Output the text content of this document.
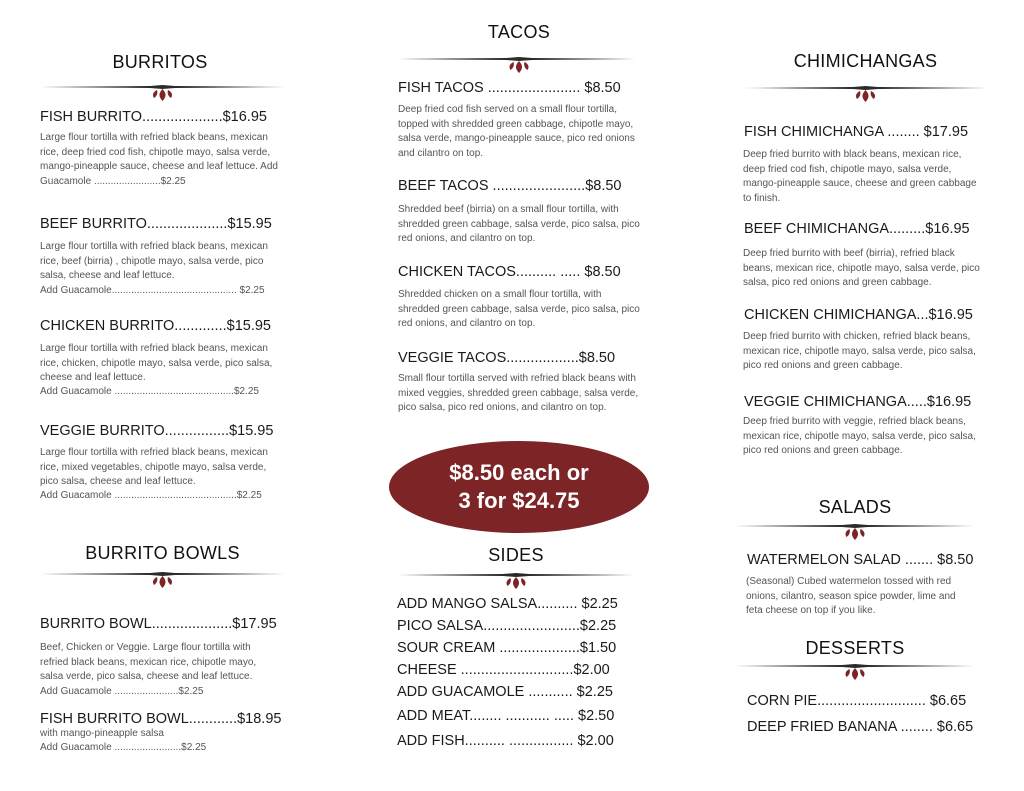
BURRITOS
FISH BURRITO....................$16.95
Large flour tortilla with refried black beans, mexican rice, deep fried cod fish, chipotle mayo, salsa verde, mango-pineapple sauce, cheese and leaf lettuce. Add Guacamole ........................$2.25
BEEF BURRITO....................$15.95
Large flour tortilla with refried black beans, mexican rice, beef (birria) , chipotle mayo, salsa verde, pico salsa, cheese and leaf lettuce.
Add Guacamole............................................. $2.25
CHICKEN BURRITO.............$15.95
Large flour tortilla with refried black beans, mexican rice, chicken, chipotle mayo, salsa verde, pico salsa, cheese and leaf lettuce.
Add Guacamole ...........................................$2.25
VEGGIE BURRITO................$15.95
Large flour tortilla with refried black beans, mexican rice, mixed vegetables, chipotle mayo, salsa verde, pico salsa, cheese and leaf lettuce.
Add Guacamole ............................................$2.25
BURRITO BOWLS
BURRITO BOWL....................$17.95
Beef, Chicken or Veggie. Large flour tortilla with refried black beans, mexican rice, chipotle mayo, salsa verde, pico salsa, cheese and leaf lettuce.
Add Guacamole .......................$2.25
FISH BURRITO BOWL............$18.95
with mango-pineapple salsa
Add Guacamole ........................$2.25
TACOS
FISH TACOS ....................... $8.50
Deep fried cod fish served on a small flour tortilla, topped with shredded green cabbage, chipotle mayo, salsa verde, mango-pineapple sauce, pico red onions and cilantro on top.
BEEF TACOS .......................$8.50
Shredded beef (birria) on a small flour tortilla, with shredded green cabbage, salsa verde, pico salsa, pico red onions, and cilantro on top.
CHICKEN TACOS.......... ..... $8.50
Shredded chicken on a small flour tortilla, with shredded green cabbage, salsa verde, pico salsa, pico red onions, and cilantro on top.
VEGGIE TACOS..................$8.50
Small flour tortilla served with refried black beans with mixed veggies, shredded green cabbage, salsa verde, pico salsa, pico red onions, and cilantro on top.
$8.50 each or
3 for $24.75
SIDES
ADD MANGO SALSA.......... $2.25
PICO SALSA........................$2.25
SOUR CREAM ....................$1.50
CHEESE ............................$2.00
ADD GUACAMOLE ........... $2.25
ADD MEAT........ ........... ..... $2.50
ADD FISH.......... ................ $2.00
CHIMICHANGAS
FISH CHIMICHANGA ........ $17.95
Deep fried burrito with black beans, mexican rice, deep fried cod fish, chipotle mayo, salsa verde, mango-pineapple sauce, cheese and green cabbage to finish.
BEEF CHIMICHANGA.........$16.95
Deep fried burrito with beef (birria), refried black beans, mexican rice, chipotle mayo, salsa verde, pico salsa, pico red onions and green cabbage.
CHICKEN CHIMICHANGA...$16.95
Deep fried burrito with chicken, refried black beans, mexican rice, chipotle mayo, salsa verde, pico salsa, pico red onions and green cabbage.
VEGGIE CHIMICHANGA.....$16.95
Deep fried burrito with veggie, refried black beans, mexican rice, chipotle mayo, salsa verde, pico salsa, pico red onions and green cabbage.
SALADS
WATERMELON SALAD ....... $8.50
(Seasonal) Cubed watermelon tossed with red onions, cilantro, season spice powder, lime and feta cheese on top if you like.
DESSERTS
CORN PIE........................... $6.65
DEEP FRIED BANANA ........ $6.65
